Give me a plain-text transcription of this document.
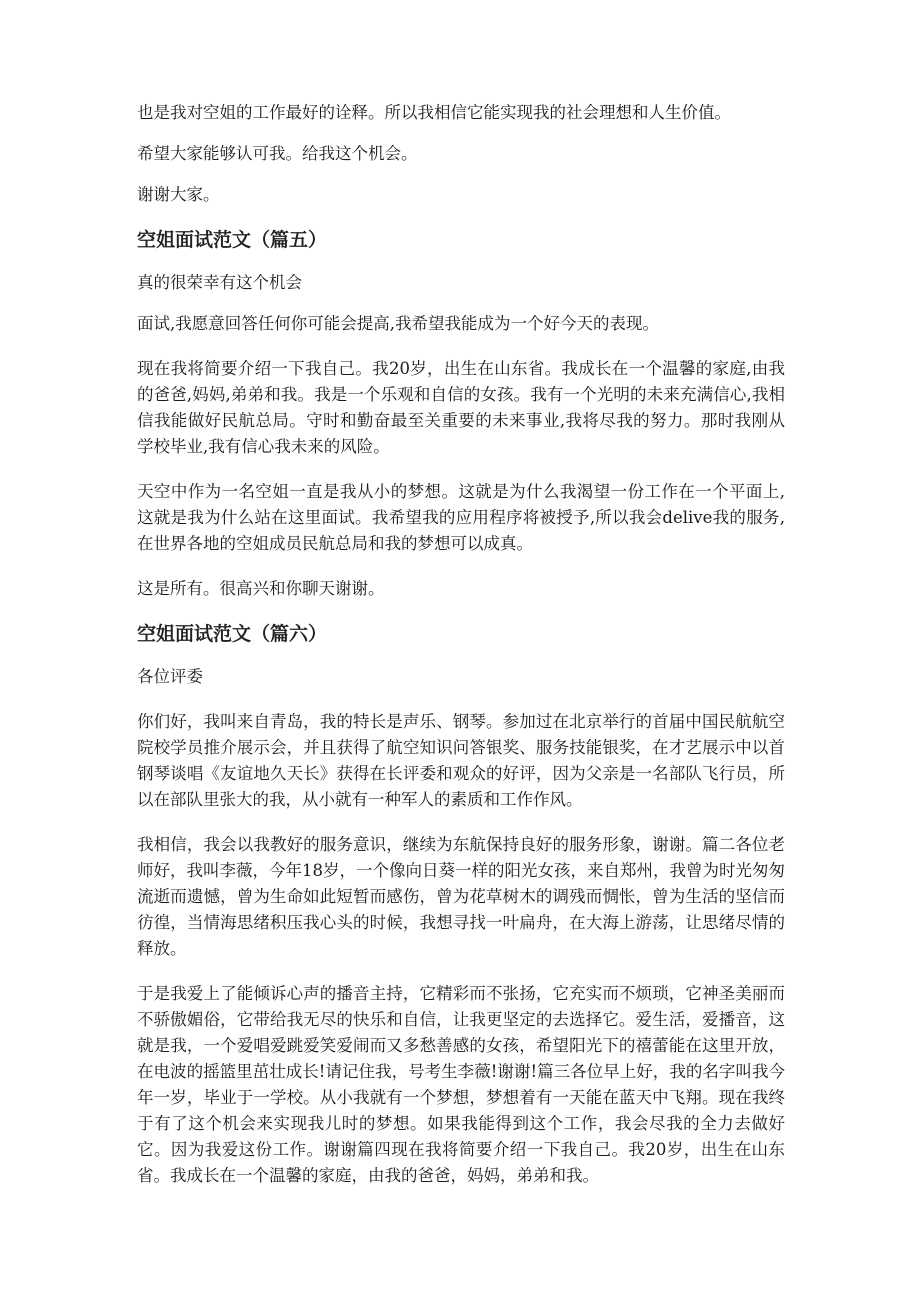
也是我对空姐的工作最好的诠释。所以我相信它能实现我的社会理想和人生价值。

希望大家能够认可我。给我这个机会。

谢谢大家。

空姐面试范文（篇五）

真的很荣幸有这个机会

面试,我愿意回答任何你可能会提高,我希望我能成为一个好今天的表现。

现在我将简要介绍一下我自己。我20岁，出生在山东省。我成长在一个温馨的家庭,由我的爸爸,妈妈,弟弟和我。我是一个乐观和自信的女孩。我有一个光明的未来充满信心,我相信我能做好民航总局。守时和勤奋最至关重要的未来事业,我将尽我的努力。那时我刚从学校毕业,我有信心我未来的风险。

天空中作为一名空姐一直是我从小的梦想。这就是为什么我渴望一份工作在一个平面上,这就是我为什么站在这里面试。我希望我的应用程序将被授予,所以我会delive我的服务,在世界各地的空姐成员民航总局和我的梦想可以成真。

这是所有。很高兴和你聊天谢谢。

空姐面试范文（篇六）

各位评委

你们好，我叫来自青岛，我的特长是声乐、钢琴。参加过在北京举行的首届中国民航航空院校学员推介展示会，并且获得了航空知识问答银奖、服务技能银奖，在才艺展示中以首钢琴谈唱《友谊地久天长》获得在长评委和观众的好评，因为父亲是一名部队飞行员，所以在部队里张大的我，从小就有一种军人的素质和工作作风。

我相信，我会以我教好的服务意识，继续为东航保持良好的服务形象，谢谢。篇二各位老师好，我叫李薇，今年18岁，一个像向日葵一样的阳光女孩，来自郑州，我曾为时光匆匆流逝而遗憾，曾为生命如此短暂而感伤，曾为花草树木的调残而惆怅，曾为生活的坚信而彷徨，当情海思绪积压我心头的时候，我想寻找一叶扁舟，在大海上游荡，让思绪尽情的释放。

于是我爱上了能倾诉心声的播音主持，它精彩而不张扬，它充实而不烦琐，它神圣美丽而不骄傲媚俗，它带给我无尽的快乐和自信，让我更坚定的去选择它。爱生活，爱播音，这就是我，一个爱唱爱跳爱笑爱闹而又多愁善感的女孩，希望阳光下的禧蕾能在这里开放，在电波的摇篮里茁壮成长!请记住我，号考生李薇!谢谢!篇三各位早上好，我的名字叫我今年一岁，毕业于一学校。从小我就有一个梦想，梦想着有一天能在蓝天中飞翔。现在我终于有了这个机会来实现我儿时的梦想。如果我能得到这个工作，我会尽我的全力去做好它。因为我爱这份工作。谢谢篇四现在我将简要介绍一下我自己。我20岁，出生在山东省。我成长在一个温馨的家庭，由我的爸爸，妈妈，弟弟和我。
